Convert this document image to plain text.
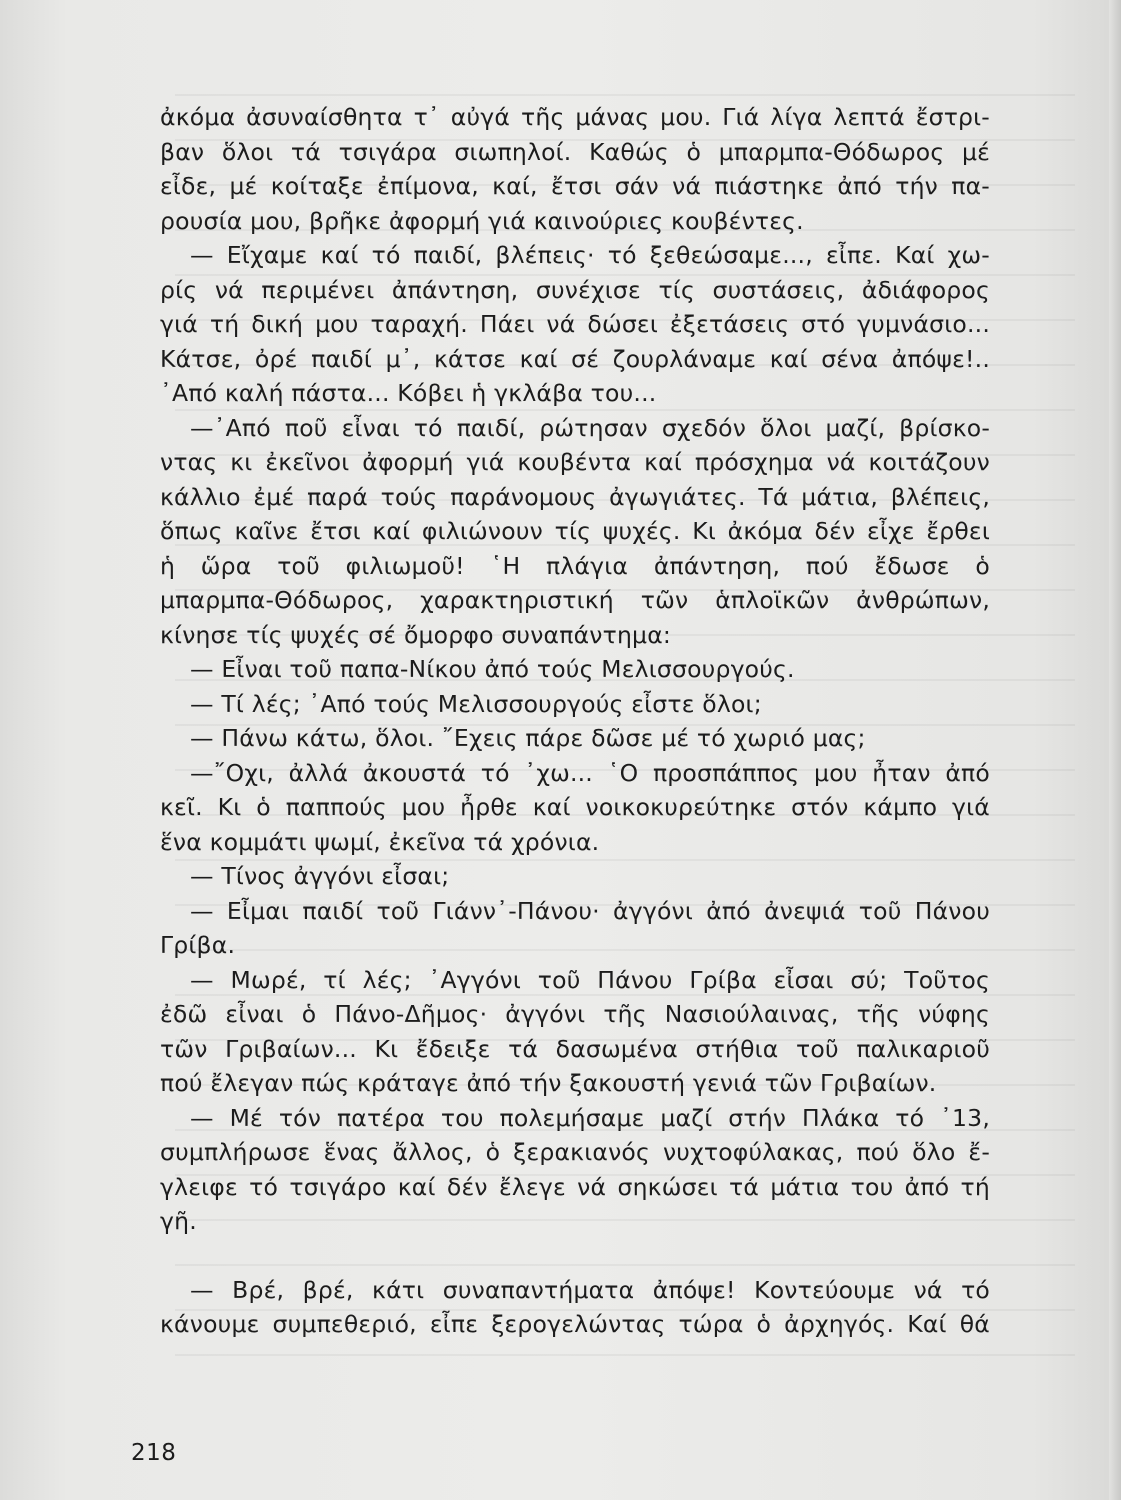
ἀκόμα ἀσυναίσθητα τ᾿ αὐγά τῆς μάνας μου. Γιά λίγα λεπτά ἔστρι-
βαν ὅλοι τά τσιγάρα σιωπηλοί. Καθώς ὁ μπαρμπα-Θόδωρος μέ
εἶδε, μέ κοίταξε ἐπίμονα, καί, ἔτσι σάν νά πιάστηκε ἀπό τήν πα-
ρουσία μου, βρῆκε ἀφορμή γιά καινούριες κουβέντες.
— Εἴχαμε καί τό παιδί, βλέπεις· τό ξεθεώσαμε..., εἶπε. Καί χω-
ρίς νά περιμένει ἀπάντηση, συνέχισε τίς συστάσεις, ἀδιάφορος
γιά τή δική μου ταραχή. Πάει νά δώσει ἐξετάσεις στό γυμνάσιο...
Κάτσε, ὀρέ παιδί μ᾿, κάτσε καί σέ ζουρλάναμε καί σένα ἀπόψε!..
᾿Από καλή πάστα... Κόβει ἡ γκλάβα του...
—᾿Από ποῦ εἶναι τό παιδί, ρώτησαν σχεδόν ὅλοι μαζί, βρίσκο-
ντας κι ἐκεῖνοι ἀφορμή γιά κουβέντα καί πρόσχημα νά κοιτάζουν
κάλλιο ἐμέ παρά τούς παράνομους ἀγωγιάτες. Τά μάτια, βλέπεις,
ὅπως καῖνε ἔτσι καί φιλιώνουν τίς ψυχές. Κι ἀκόμα δέν εἶχε ἔρθει
ἡ ὥρα τοῦ φιλιωμοῦ! ῾Η πλάγια ἀπάντηση, πού ἔδωσε ὁ
μπαρμπα-Θόδωρος, χαρακτηριστική τῶν ἁπλοϊκῶν ἀνθρώπων,
κίνησε τίς ψυχές σέ ὄμορφο συναπάντημα:
— Εἶναι τοῦ παπα-Νίκου ἀπό τούς Μελισσουργούς.
— Τί λές; ᾿Από τούς Μελισσουργούς εἶστε ὅλοι;
— Πάνω κάτω, ὅλοι. ῎Εχεις πάρε δῶσε μέ τό χωριό μας;
—῎Οχι, ἀλλά ἀκουστά τό ᾿χω... ῾Ο προσπάππος μου ἦταν ἀπό
κεῖ. Κι ὁ παππούς μου ἦρθε καί νοικοκυρεύτηκε στόν κάμπο γιά
ἕνα κομμάτι ψωμί, ἐκεῖνα τά χρόνια.
— Τίνος ἀγγόνι εἶσαι;
— Εἶμαι παιδί τοῦ Γιάνν᾿-Πάνου· ἀγγόνι ἀπό ἀνεψιά τοῦ Πάνου
Γρίβα.
— Μωρέ, τί λές; ᾿Αγγόνι τοῦ Πάνου Γρίβα εἶσαι σύ; Τοῦτος
ἐδῶ εἶναι ὁ Πάνο-Δῆμος· ἀγγόνι τῆς Νασιούλαινας, τῆς νύφης
τῶν Γριβαίων... Κι ἔδειξε τά δασωμένα στήθια τοῦ παλικαριοῦ
πού ἔλεγαν πώς κράταγε ἀπό τήν ξακουστή γενιά τῶν Γριβαίων.
— Μέ τόν πατέρα του πολεμήσαμε μαζί στήν Πλάκα τό ᾿13,
συμπλήρωσε ἕνας ἄλλος, ὁ ξερακιανός νυχτοφύλακας, πού ὅλο ἔ-
γλειφε τό τσιγάρο καί δέν ἔλεγε νά σηκώσει τά μάτια του ἀπό τή
γῆ.
— Βρέ, βρέ, κάτι συναπαντήματα ἀπόψε! Κοντεύουμε νά τό
κάνουμε συμπεθεριό, εἶπε ξερογελώντας τώρα ὁ ἀρχηγός. Καί θά
218
